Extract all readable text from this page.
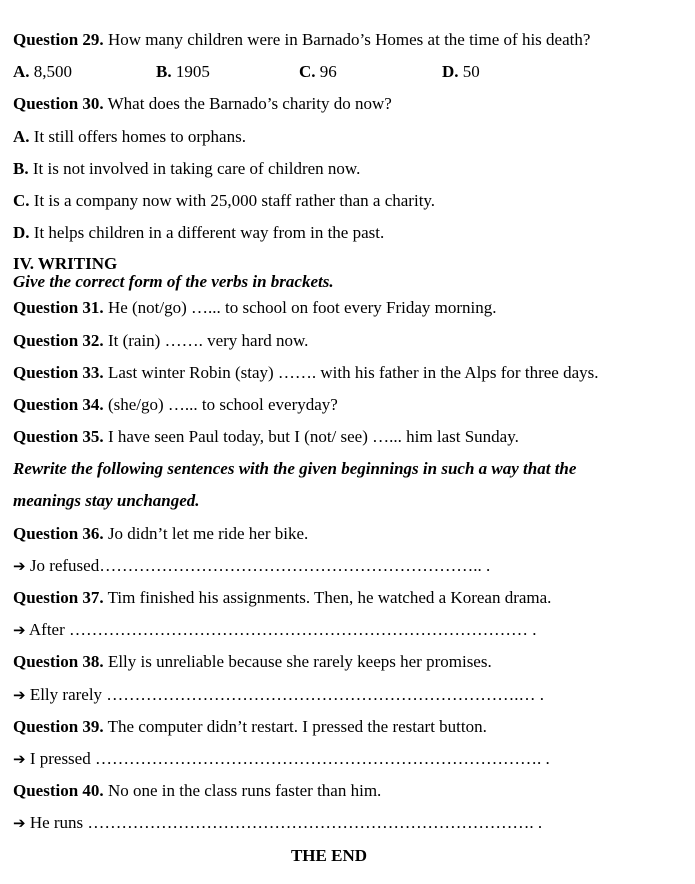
Question 29. How many children were in Barnado’s Homes at the time of his death?
A. 8,500	B. 1905	C. 96	D. 50
Question 30. What does the Barnado’s charity do now?
A. It still offers homes to orphans.
B. It is not involved in taking care of children now.
C. It is a company now with 25,000 staff rather than a charity.
D. It helps children in a different way from in the past.
IV. WRITING
Give the correct form of the verbs in brackets.
Question 31. He (not/go) …... to school on foot every Friday morning.
Question 32. It (rain) ……. very hard now.
Question 33. Last winter Robin (stay) ……. with his father in the Alps for three days.
Question 34. (she/go) …... to school everyday?
Question 35. I have seen Paul today, but I (not/ see) …... him last Sunday.
Rewrite the following sentences with the given beginnings in such a way that the
meanings stay unchanged.
Question 36. Jo didn’t let me ride her bike.
➔ Jo refused………………………………………………………….. .
Question 37. Tim finished his assignments. Then, he watched a Korean drama.
➔ After ……………………………………………………………………… .
Question 38. Elly is unreliable because she rarely keeps her promises.
➔ Elly rarely ……………………………………………………………….… .
Question 39. The computer didn’t restart. I pressed the restart button.
➔ I pressed ……………………………………………………………………. .
Question 40. No one in the class runs faster than him.
➔ He runs ……………………………………………………………………. .
THE END
